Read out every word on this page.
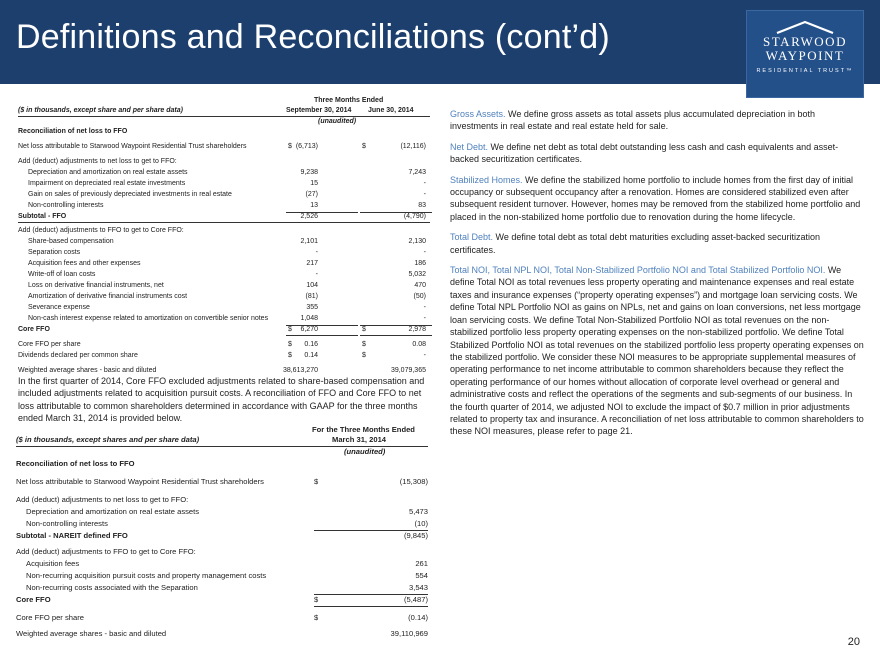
Definitions and Reconciliations (cont’d)	STARWOOD
WAYPOINT
RESIDENTIAL TRUST™
Three Months Ended
($ in thousands, except share and per share data)	September 30, 2014 June 30, 2014
(unaudited)
Reconciliation of net loss to FFO
Net loss attributable to Starwood Waypoint Residential Trust shareholders	$ (6,713)	$	(12,116)
Add (deduct) adjustments to net loss to get to FFO:
Depreciation and amortization on real estate assets	9,238	7,243
Impairment on depreciated real estate investments	15	-
Gain on sales of previously depreciated investments in real estate	(27)	-
Non-controlling interests	13	83
Subtotal - FFO	2,526	(4,790)
Add (deduct) adjustments to FFO to get to Core FFO:
Share-based compensation	2,101	2,130
Separation costs	-	-
Acquisition fees and other expenses	217	186
Write-off of loan costs	-	5,032
Loss on derivative financial instruments, net	104	470
Amortization of derivative financial instruments cost	(81)	(50)
Severance expense	355	-
Non-cash interest expense related to amortization on convertible senior notes	1,048	-
Core FFO	$	6,270	$	2,978
Core FFO per share	$	0.16	$	0.08
Dividends declared per common share	$	0.14	$	-
Weighted average shares - basic and diluted	38,613,270	39,079,365
In the first quarter of 2014, Core FFO excluded adjustments related to share-based compensation and included adjustments related to acquisition pursuit costs. A reconciliation of FFO and Core FFO to net loss attributable to common shareholders determined in accordance with GAAP for the three months ended March 31, 2014 is provided below.
For the Three Months Ended
($ in thousands, except shares and per share data)	March 31, 2014
(unaudited)
Reconciliation of net loss to FFO
Net loss attributable to Starwood Waypoint Residential Trust shareholders	$	(15,308)
Add (deduct) adjustments to net loss to get to FFO:
Depreciation and amortization on real estate assets	5,473
Non-controlling interests	(10)
Subtotal - NAREIT defined FFO	(9,845)
Add (deduct) adjustments to FFO to get to Core FFO:
Acquisition fees	261
Non-recurring acquisition pursuit costs and property management costs	554
Non-recurring costs associated with the Separation	3,543
Core FFO	$	(5,487)
Core FFO per share	$	(0.14)
Weighted average shares - basic and diluted	39,110,969

Gross Assets. We define gross assets as total assets plus accumulated depreciation in both investments in real estate and real estate held for sale.

Net Debt. We define net debt as total debt outstanding less cash and cash equivalents and asset-backed securitization certificates.

Stabilized Homes. We define the stabilized home portfolio to include homes from the first day of initial occupancy or subsequent occupancy after a renovation. Homes are considered stabilized even after subsequent resident turnover. However, homes may be removed from the stabilized home portfolio and placed in the non-stabilized home portfolio due to renovation during the home lifecycle.

Total Debt. We define total debt as total debt maturities excluding asset-backed securitization certificates.

Total NOI, Total NPL NOI, Total Non-Stabilized Portfolio NOI and Total Stabilized Portfolio NOI. We define Total NOI as total revenues less property operating and maintenance expenses and real estate taxes and insurance expenses (“property operating expenses”) and mortgage loan servicing costs. We define Total NPL Portfolio NOI as gains on NPLs, net and gains on loan conversions, net less mortgage loan servicing costs. We define Total Non-Stabilized Portfolio NOI as total revenues on the non-stabilized portfolio less property operating expenses on the non-stabilized portfolio. We define Total Stabilized Portfolio NOI as total revenues on the stabilized portfolio less property operating expenses on the stabilized portfolio. We consider these NOI measures to be appropriate supplemental measures of operating performance to net income attributable to common shareholders because they reflect the operating performance of our homes without allocation of corporate level overhead or general and administrative costs and reflect the operations of the segments and sub-segments of our business. In the fourth quarter of 2014, we adjusted NOI to exclude the impact of $0.7 million in prior adjustments related to property tax and insurance. A reconciliation of net loss attributable to common shareholders to these NOI measures, please refer to page 21.

20
